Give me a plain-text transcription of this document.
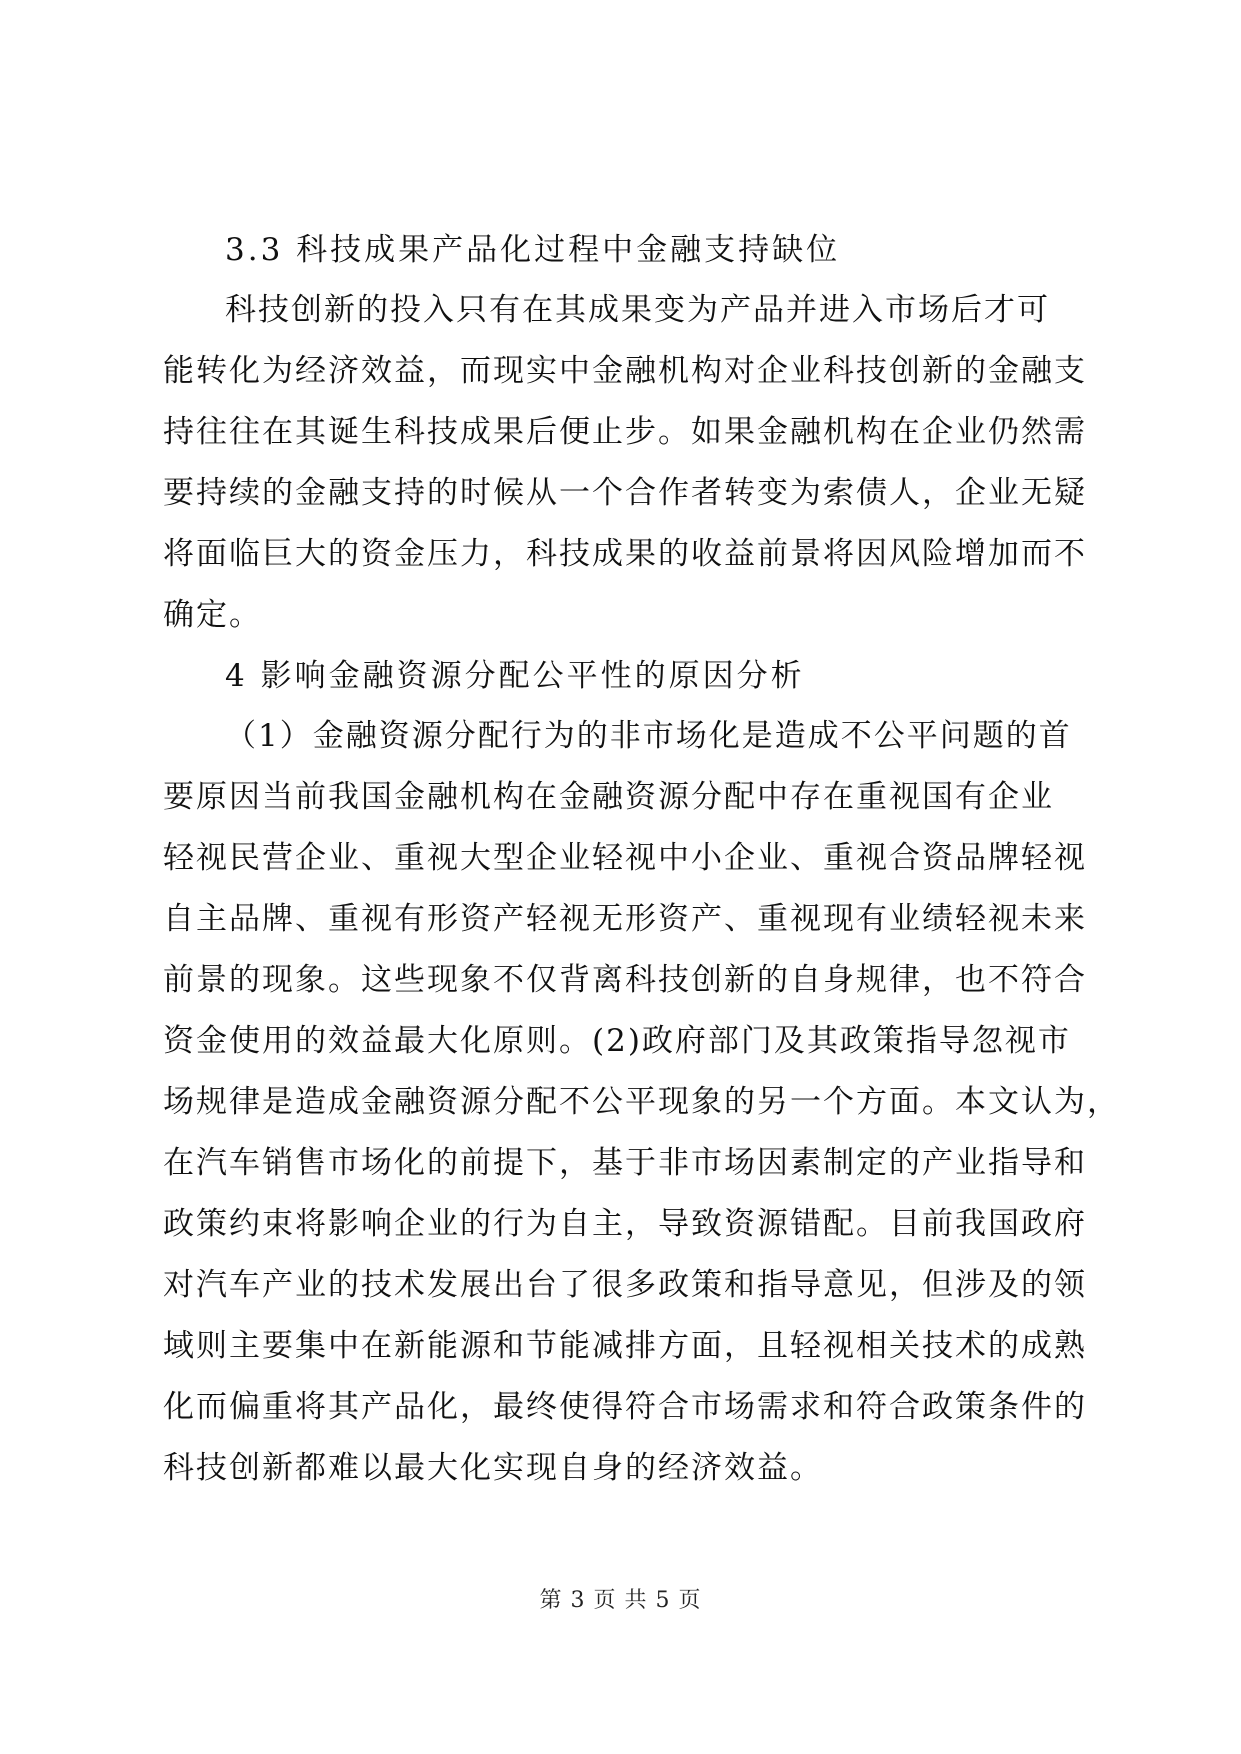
3.3 科技成果产品化过程中金融支持缺位

科技创新的投入只有在其成果变为产品并进入市场后才可
能转化为经济效益，而现实中金融机构对企业科技创新的金融支
持往往在其诞生科技成果后便止步。如果金融机构在企业仍然需
要持续的金融支持的时候从一个合作者转变为索债人，企业无疑
将面临巨大的资金压力，科技成果的收益前景将因风险增加而不
确定。

4 影响金融资源分配公平性的原因分析

（1）金融资源分配行为的非市场化是造成不公平问题的首
要原因当前我国金融机构在金融资源分配中存在重视国有企业
轻视民营企业、重视大型企业轻视中小企业、重视合资品牌轻视
自主品牌、重视有形资产轻视无形资产、重视现有业绩轻视未来
前景的现象。这些现象不仅背离科技创新的自身规律，也不符合
资金使用的效益最大化原则。(2)政府部门及其政策指导忽视市
场规律是造成金融资源分配不公平现象的另一个方面。本文认为，
在汽车销售市场化的前提下，基于非市场因素制定的产业指导和
政策约束将影响企业的行为自主，导致资源错配。目前我国政府
对汽车产业的技术发展出台了很多政策和指导意见，但涉及的领
域则主要集中在新能源和节能减排方面，且轻视相关技术的成熟
化而偏重将其产品化，最终使得符合市场需求和符合政策条件的
科技创新都难以最大化实现自身的经济效益。

第 3 页 共 5 页
